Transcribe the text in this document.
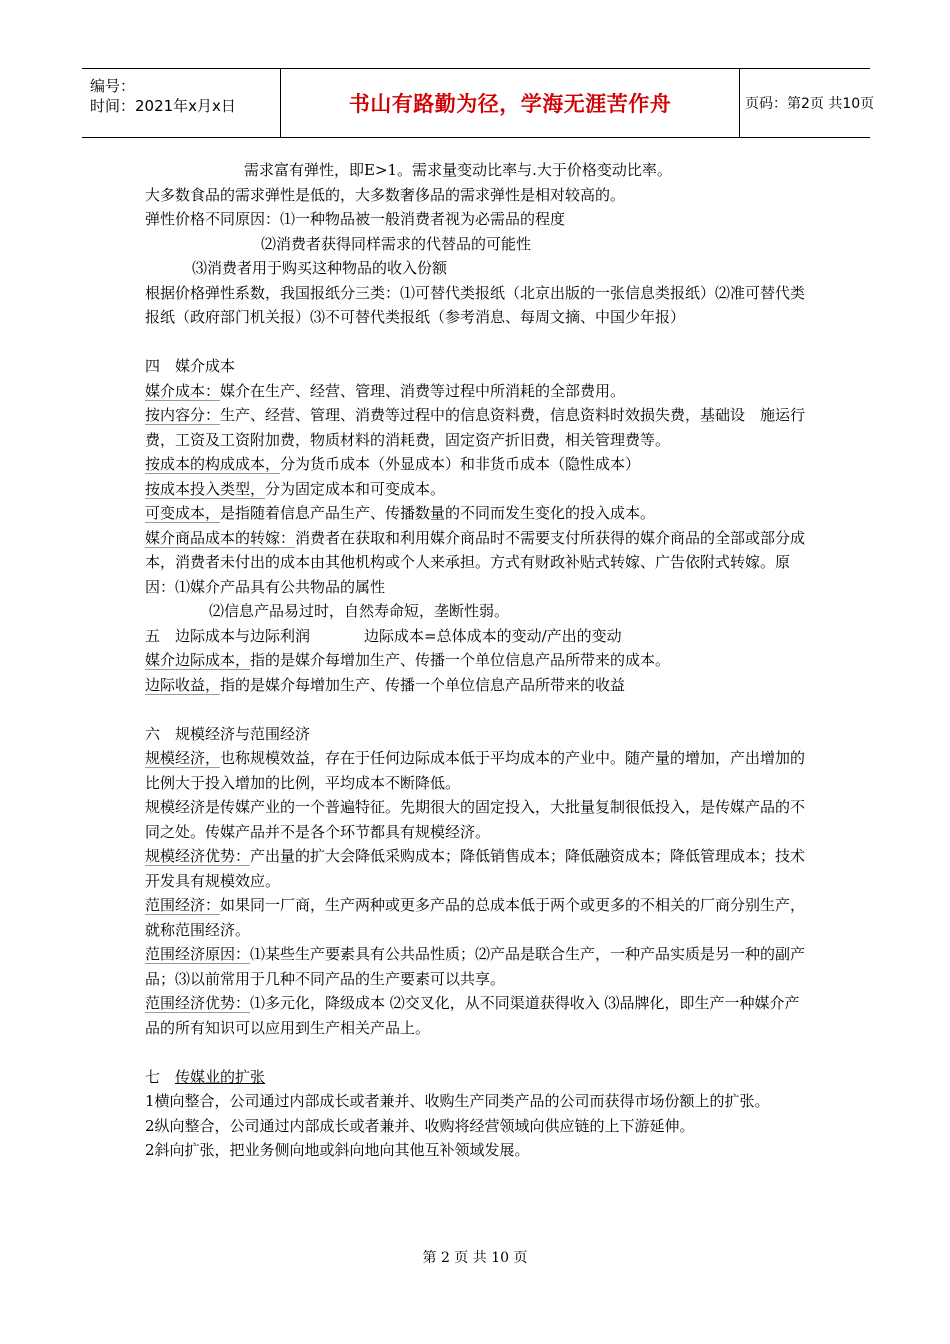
编号：
时间：2021年x月x日	书山有路勤为径，学海无涯苦作舟	页码：第2页 共10页

需求富有弹性，即E>1。需求量变动比率与.大于价格变动比率。

大多数食品的需求弹性是低的，大多数奢侈品的需求弹性是相对较高的。

弹性价格不同原因：⑴一种物品被一般消费者视为必需品的程度

⑵消费者获得同样需求的代替品的可能性

⑶消费者用于购买这种物品的收入份额

根据价格弹性系数，我国报纸分三类：⑴可替代类报纸（北京出版的一张信息类报纸）⑵准可替代类报纸（政府部门机关报）⑶不可替代类报纸（参考消息、每周文摘、中国少年报）

四　媒介成本

媒介成本：媒介在生产、经营、管理、消费等过程中所消耗的全部费用。

按内容分：生产、经营、管理、消费等过程中的信息资料费，信息资料时效损失费，基础设　施运行费，工资及工资附加费，物质材料的消耗费，固定资产折旧费，相关管理费等。

按成本的构成成本，分为货币成本（外显成本）和非货币成本（隐性成本）

按成本投入类型，分为固定成本和可变成本。

可变成本，是指随着信息产品生产、传播数量的不同而发生变化的投入成本。

媒介商品成本的转嫁：消费者在获取和利用媒介商品时不需要支付所获得的媒介商品的全部或部分成本，消费者未付出的成本由其他机构或个人来承担。方式有财政补贴式转嫁、广告依附式转嫁。原因：⑴媒介产品具有公共物品的属性

⑵信息产品易过时，自然寿命短，垄断性弱。

五　边际成本与边际利润	边际成本=总体成本的变动/产出的变动

媒介边际成本，指的是媒介每增加生产、传播一个单位信息产品所带来的成本。

边际收益，指的是媒介每增加生产、传播一个单位信息产品所带来的收益

六　规模经济与范围经济

规模经济，也称规模效益，存在于任何边际成本低于平均成本的产业中。随产量的增加，产出增加的比例大于投入增加的比例，平均成本不断降低。

规模经济是传媒产业的一个普遍特征。先期很大的固定投入，大批量复制很低投入，是传媒产品的不同之处。传媒产品并不是各个环节都具有规模经济。

规模经济优势：产出量的扩大会降低采购成本；降低销售成本；降低融资成本；降低管理成本；技术开发具有规模效应。

范围经济：如果同一厂商，生产两种或更多产品的总成本低于两个或更多的不相关的厂商分别生产，就称范围经济。

范围经济原因：⑴某些生产要素具有公共品性质；⑵产品是联合生产，一种产品实质是另一种的副产品；⑶以前常用于几种不同产品的生产要素可以共享。

范围经济优势：⑴多元化，降级成本 ⑵交叉化，从不同渠道获得收入 ⑶品牌化，即生产一种媒介产品的所有知识可以应用到生产相关产品上。

七　传媒业的扩张

1横向整合，公司通过内部成长或者兼并、收购生产同类产品的公司而获得市场份额上的扩张。

2纵向整合，公司通过内部成长或者兼并、收购将经营领域向供应链的上下游延伸。

2斜向扩张，把业务侧向地或斜向地向其他互补领域发展。

第 2 页 共 10 页
